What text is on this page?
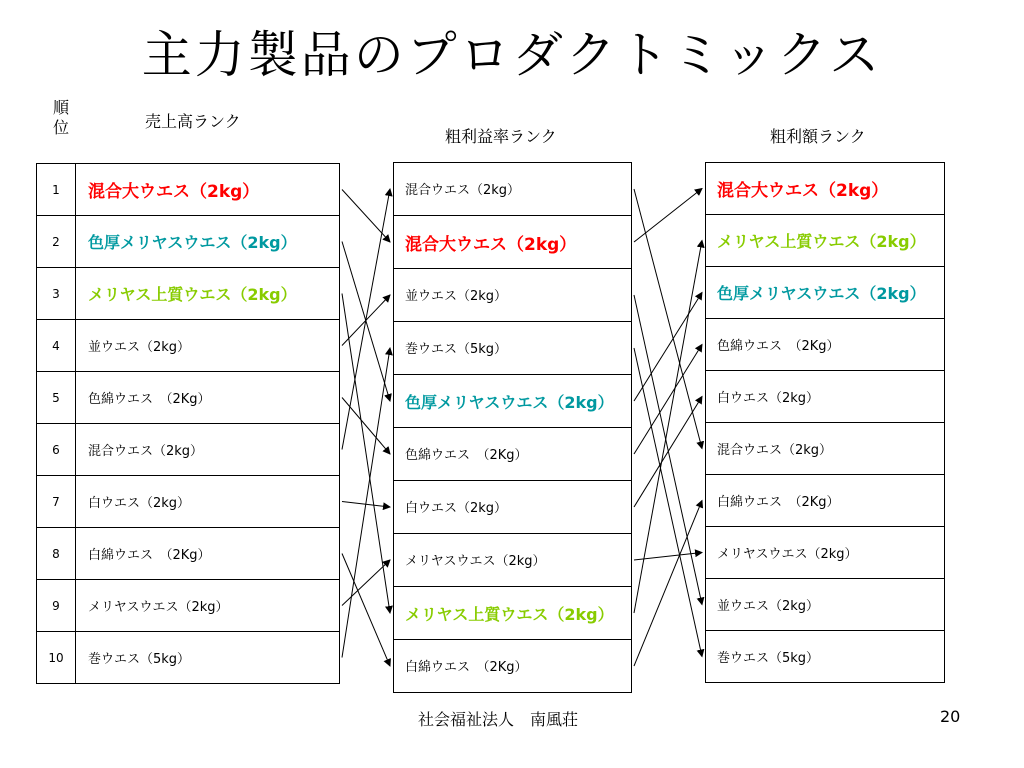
主力製品のプロダクトミックス
順位	売上高ランク
粗利益率ランク	粗利額ランク
1	混合大ウエス（2kg）
2	色厚メリヤスウエス（2kg）
3	メリヤス上質ウエス（2kg）
4	並ウエス（2kg）
5	色綿ウエス　（2Kg）
6	混合ウエス（2kg）
7	白ウエス（2kg）
8	白綿ウエス　（2Kg）
9	メリヤスウエス（2kg）
10	巻ウエス（5kg）
混合ウエス（2kg）
混合大ウエス（2kg）
並ウエス（2kg）
巻ウエス（5kg）
色厚メリヤスウエス（2kg）
色綿ウエス　（2Kg）
白ウエス（2kg）
メリヤスウエス（2kg）
メリヤス上質ウエス（2kg）
白綿ウエス　（2Kg）
混合大ウエス（2kg）
メリヤス上質ウエス（2kg）
色厚メリヤスウエス（2kg）
色綿ウエス　（2Kg）
白ウエス（2kg）
混合ウエス（2kg）
白綿ウエス　（2Kg）
メリヤスウエス（2kg）
並ウエス（2kg）
巻ウエス（5kg）
社会福祉法人　南風荘	20
